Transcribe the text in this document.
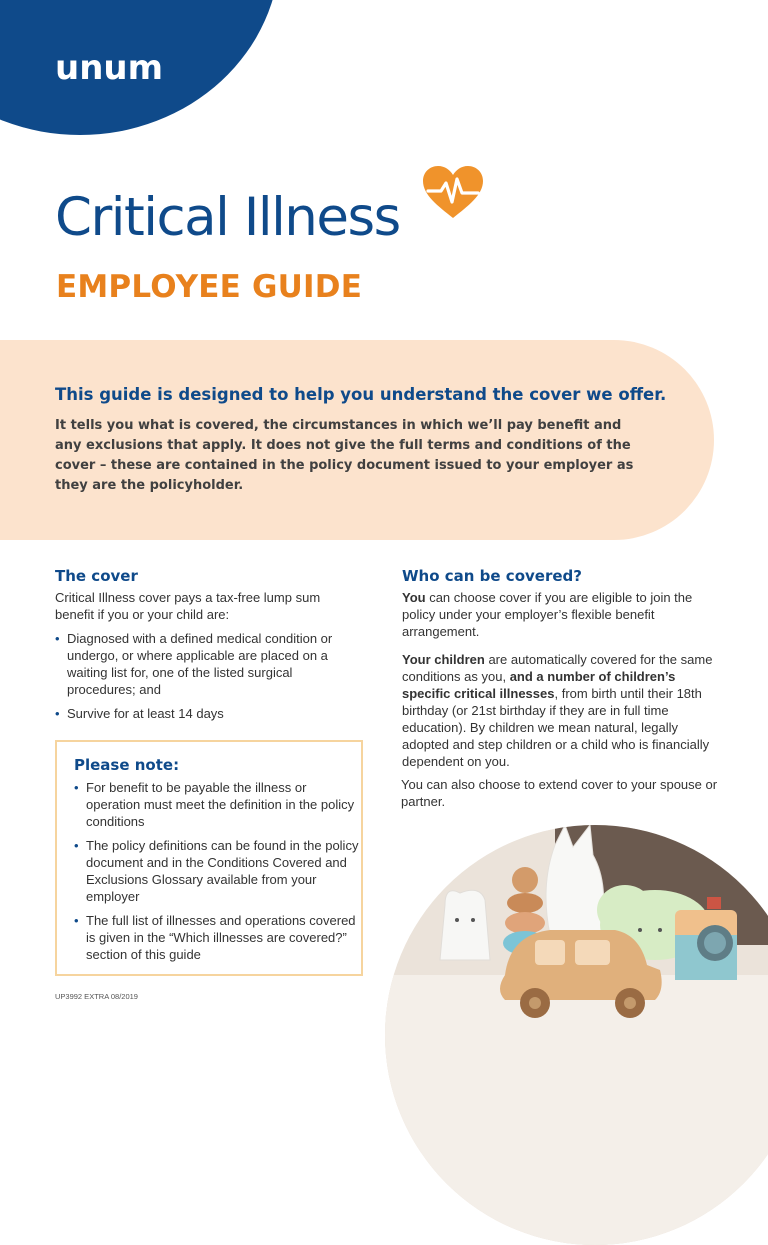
unum
Critical Illness
EMPLOYEE GUIDE
This guide is designed to help you understand the cover we offer.

It tells you what is covered, the circumstances in which we’ll pay benefit and any exclusions that apply. It does not give the full terms and conditions of the cover – these are contained in the policy document issued to your employer as they are the policyholder.

The cover

Critical Illness cover pays a tax-free lump sum benefit if you or your child are:

• Diagnosed with a defined medical condition or undergo, or where applicable are placed on a waiting list for, one of the listed surgical procedures; and
• Survive for at least 14 days
Please note:
• For benefit to be payable the illness or operation must meet the definition in the policy conditions
• The policy definitions can be found in the policy document and in the Conditions Covered and Exclusions Glossary available from your employer
• The full list of illnesses and operations covered is given in the “Which illnesses are covered?” section of this guide
Who can be covered?

You can choose cover if you are eligible to join the policy under your employer’s flexible benefit arrangement.

Your children are automatically covered for the same conditions as you, and a number of children’s specific critical illnesses, from birth until their 18th birthday (or 21st birthday if they are in full time education). By children we mean natural, legally adopted and step children or a child who is financially dependent on you.

You can also choose to extend cover to your spouse or partner.

UP3992 EXTRA 08/2019
